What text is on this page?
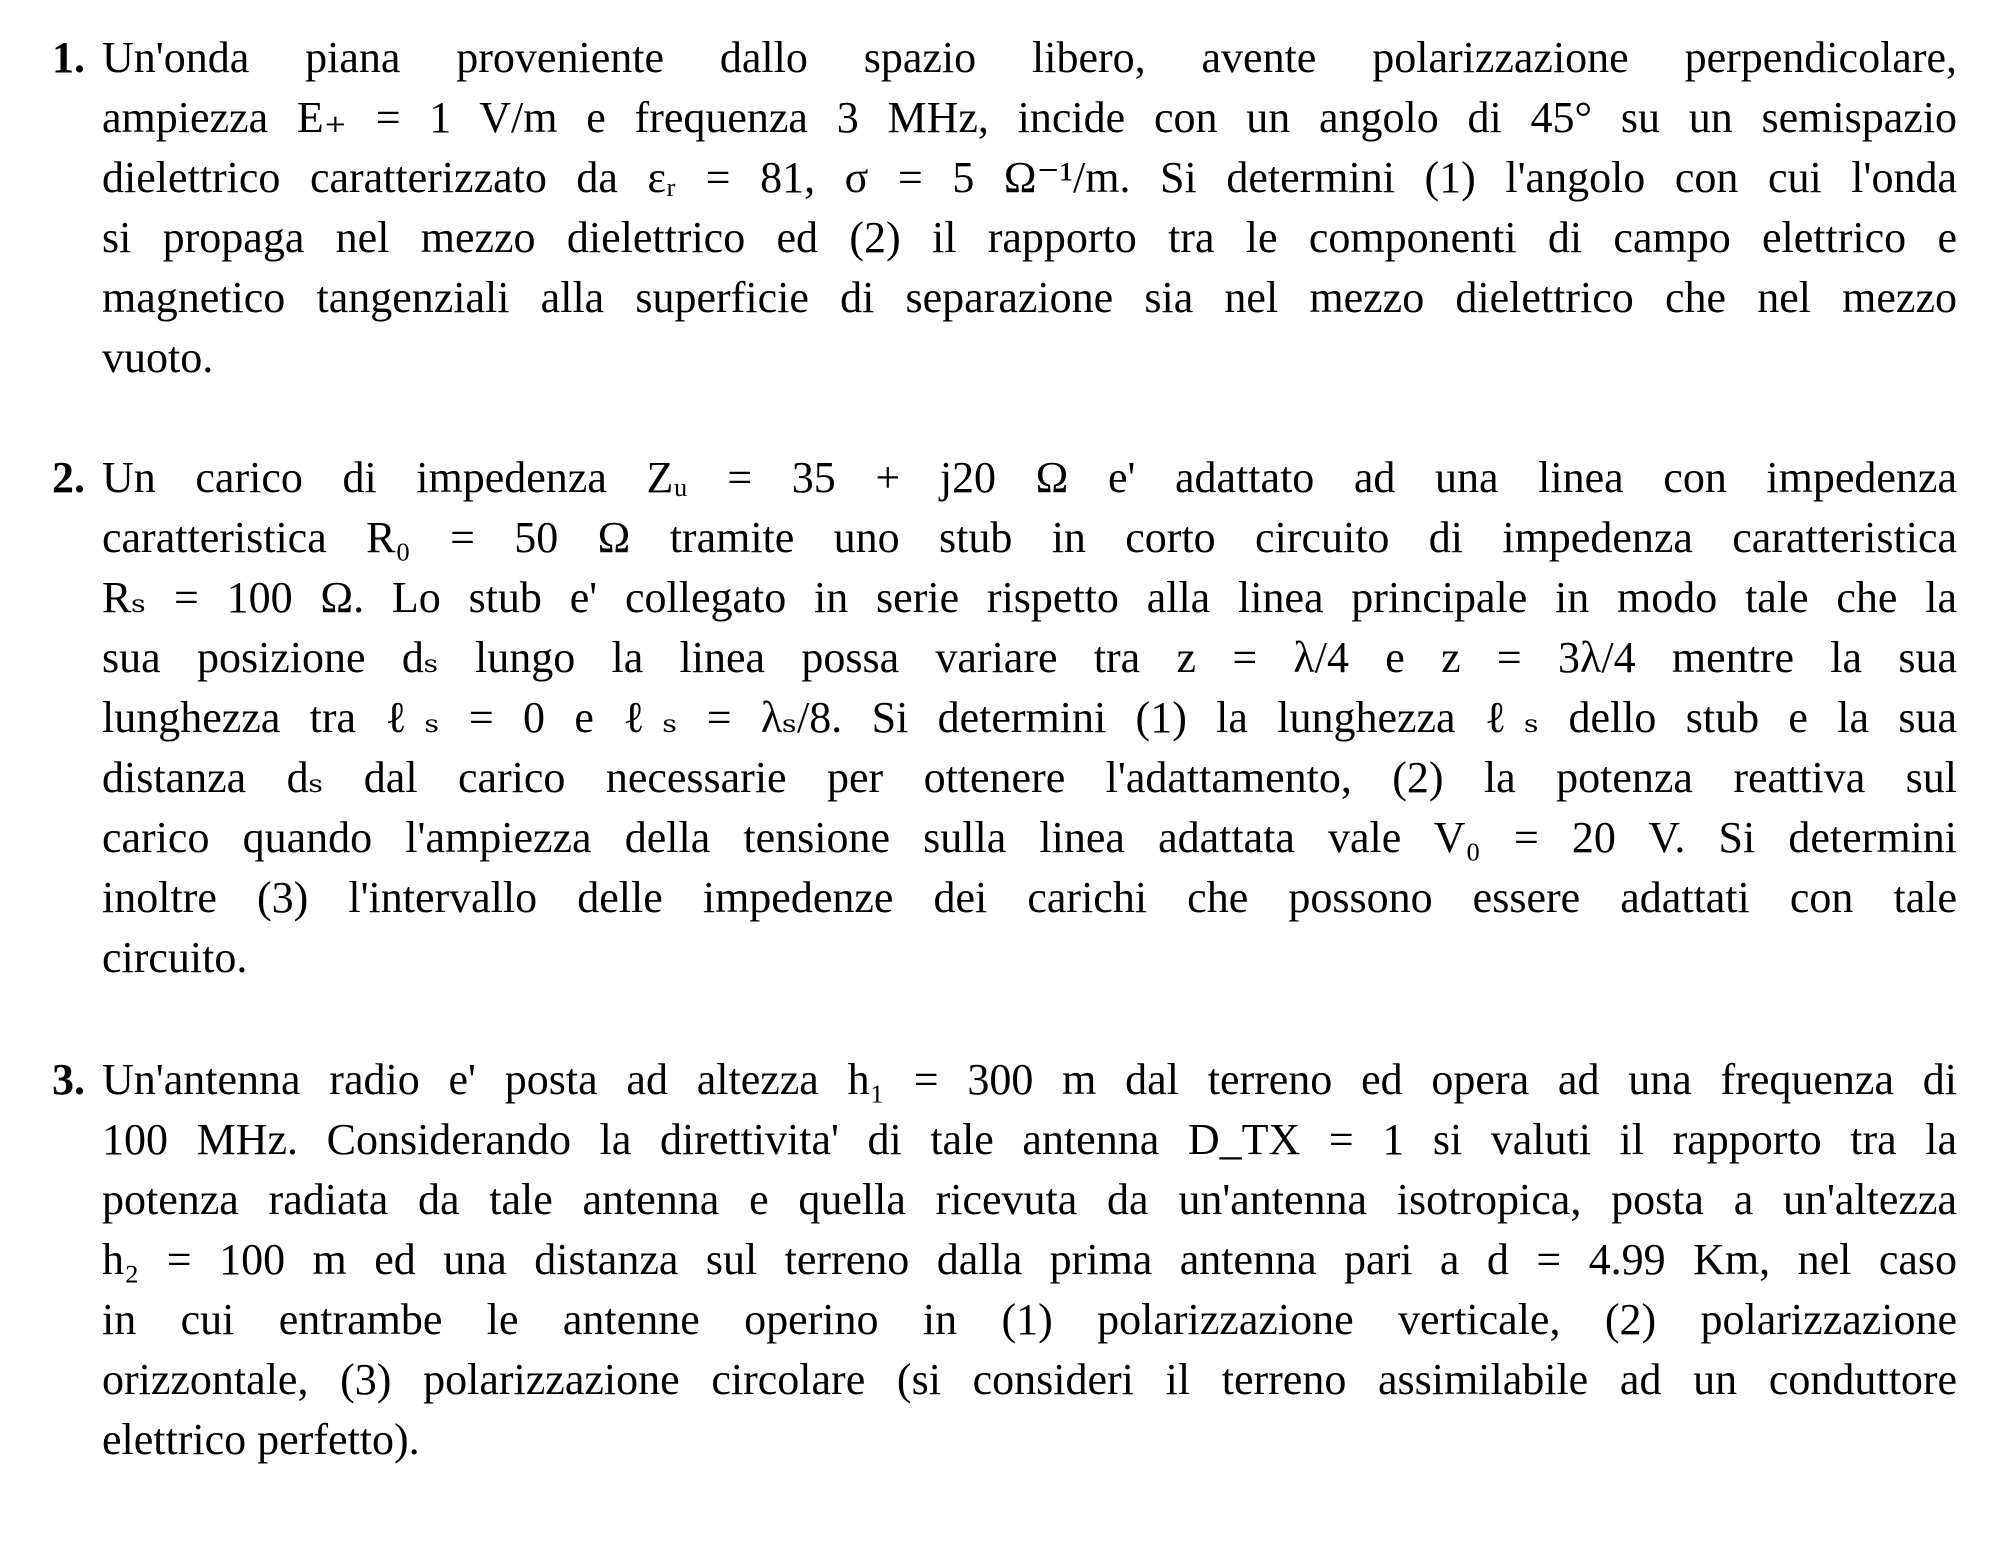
1. Un'onda piana proveniente dallo spazio libero, avente polarizzazione perpendicolare,
ampiezza E₊ = 1 V/m e frequenza 3 MHz, incide con un angolo di 45° su un semispazio
dielettrico caratterizzato da εᵣ = 81, σ = 5 Ω⁻¹/m. Si determini (1) l'angolo con cui l'onda
si propaga nel mezzo dielettrico ed (2) il rapporto tra le componenti di campo elettrico e
magnetico tangenziali alla superficie di separazione sia nel mezzo dielettrico che nel mezzo
vuoto.
2. Un carico di impedenza Zᵤ = 35 + j20 Ω e' adattato ad una linea con impedenza
caratteristica R₀ = 50 Ω tramite uno stub in corto circuito di impedenza caratteristica
Rₛ = 100 Ω. Lo stub e' collegato in serie rispetto alla linea principale in modo tale che la
sua posizione dₛ lungo la linea possa variare tra z = λ/4 e z = 3λ/4 mentre la sua
lunghezza tra ℓₛ = 0 e ℓₛ = λₛ/8. Si determini (1) la lunghezza ℓₛ dello stub e la sua
distanza dₛ dal carico necessarie per ottenere l'adattamento, (2) la potenza reattiva sul
carico quando l'ampiezza della tensione sulla linea adattata vale V₀ = 20 V. Si determini
inoltre (3) l'intervallo delle impedenze dei carichi che possono essere adattati con tale
circuito.
3. Un'antenna radio e' posta ad altezza h₁ = 300 m dal terreno ed opera ad una frequenza di
100 MHz. Considerando la direttivita' di tale antenna D_TX = 1 si valuti il rapporto tra la
potenza radiata da tale antenna e quella ricevuta da un'antenna isotropica, posta a un'altezza
h₂ = 100 m ed una distanza sul terreno dalla prima antenna pari a d = 4.99 Km, nel caso
in cui entrambe le antenne operino in (1) polarizzazione verticale, (2) polarizzazione
orizzontale, (3) polarizzazione circolare (si consideri il terreno assimilabile ad un conduttore
elettrico perfetto).
